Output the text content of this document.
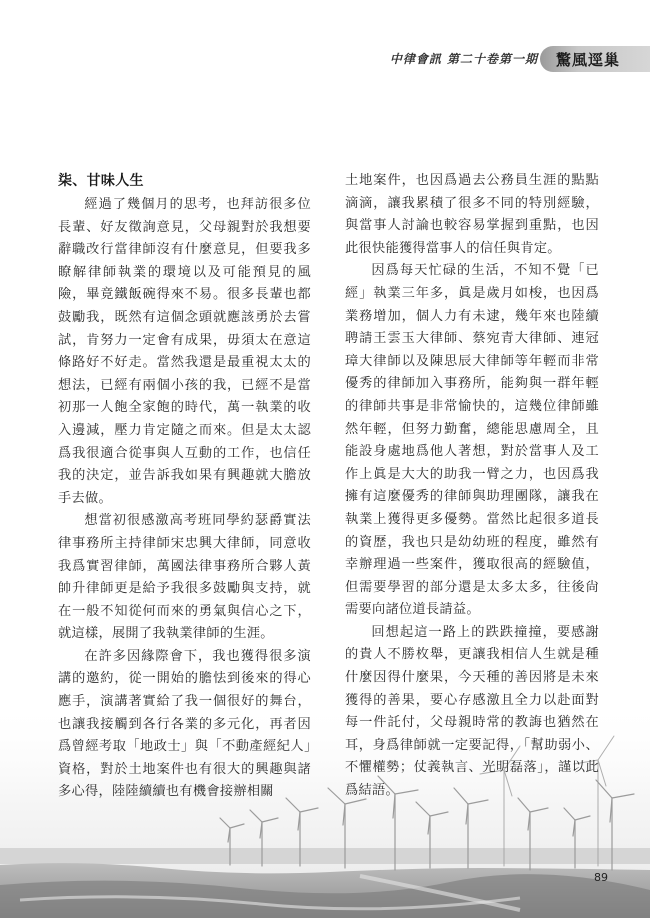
中律會訊 第二十卷第一期 驚風逕巢
柒、甘味人生

經過了幾個月的思考，也拜訪很多位長輩、好友徵詢意見，父母親對於我想要辭職改行當律師沒有什麼意見，但要我多瞭解律師執業的環境以及可能預見的風險，畢竟鐵飯碗得來不易。很多長輩也都鼓勵我，既然有這個念頭就應該勇於去嘗試，肯努力一定會有成果，毋須太在意這條路好不好走。當然我還是最重視太太的想法，已經有兩個小孩的我，已經不是當初那一人飽全家飽的時代，萬一執業的收入邊減，壓力肯定隨之而來。但是太太認爲我很適合從事與人互動的工作，也信任我的決定，並告訴我如果有興趣就大膽放手去做。

想當初很感激高考班同學約瑟爵實法律事務所主持律師宋忠興大律師，同意收我爲實習律師，萬國法律事務所合夥人黃帥升律師更是給予我很多鼓勵與支持，就在一般不知從何而來的勇氣與信心之下，就這樣，展開了我執業律師的生涯。

在許多因緣際會下，我也獲得很多演講的邀約，從一開始的膽怯到後來的得心應手，演講著實給了我一個很好的舞台，也讓我接觸到各行各業的多元化，再者因爲曾經考取「地政士」與「不動產經紀人」資格，對於土地案件也有很大的興趣與諸多心得，陸陸續續也有機會接辦相關

土地案件，也因爲過去公務員生涯的點點滴滴，讓我累積了很多不同的特別經驗，與當事人討論也較容易掌握到重點，也因此很快能獲得當事人的信任與肯定。

因爲每天忙碌的生活，不知不覺「已經」執業三年多，眞是歲月如梭，也因爲業務增加，個人力有未逮，幾年來也陸續聘請王雲玉大律師、蔡宛青大律師、連冠璋大律師以及陳思辰大律師等年輕而非常優秀的律師加入事務所，能夠與一群年輕的律師共事是非常愉快的，這幾位律師雖然年輕，但努力勤奮，總能思慮周全，且能設身處地爲他人著想，對於當事人及工作上眞是大大的助我一臂之力，也因爲我擁有這麼優秀的律師與助理團隊，讓我在執業上獲得更多優勢。當然比起很多道長的資歷，我也只是幼幼班的程度，雖然有幸辦理過一些案件，獲取很高的經驗值，但需要學習的部分還是太多太多，往後尙需要向諸位道長請益。

回想起這一路上的跌跌撞撞，要感謝的貴人不勝枚舉，更讓我相信人生就是種什麼因得什麼果，今天種的善因將是未來獲得的善果，要心存感激且全力以赴面對每一件託付，父母親時常的教誨也猶然在耳，身爲律師就一定要記得，「幫助弱小、不懼權勢；仗義執言、光明磊落」，謹以此爲結語。

89
